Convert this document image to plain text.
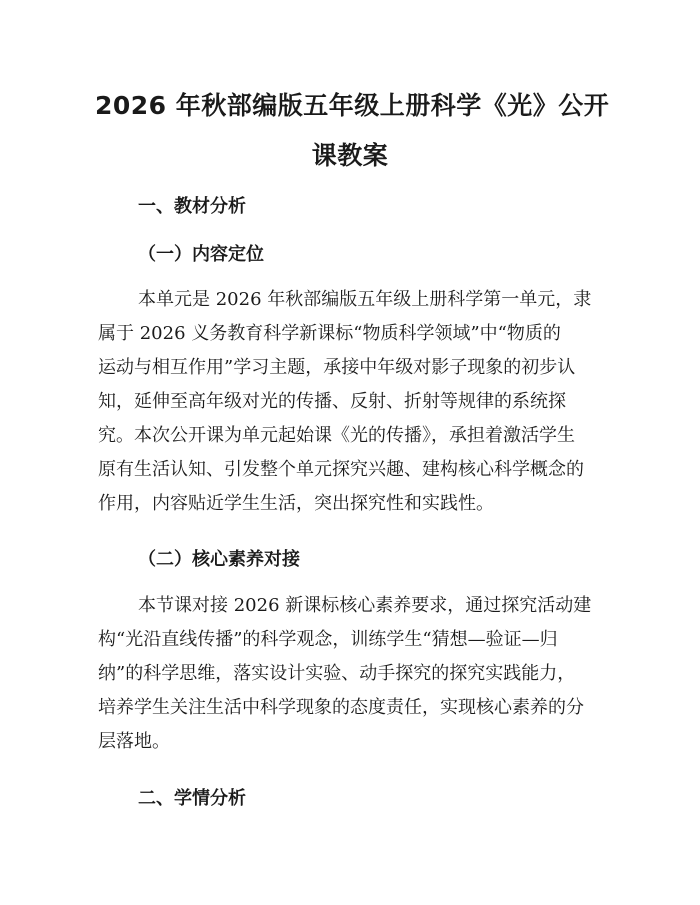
2026 年秋部编版五年级上册科学《光》公开
课教案
一、教材分析
（一）内容定位
本单元是 2026 年秋部编版五年级上册科学第一单元，隶
属于 2026 义务教育科学新课标“物质科学领域”中“物质的
运动与相互作用”学习主题，承接中年级对影子现象的初步认
知，延伸至高年级对光的传播、反射、折射等规律的系统探
究。本次公开课为单元起始课《光的传播》，承担着激活学生
原有生活认知、引发整个单元探究兴趣、建构核心科学概念的
作用，内容贴近学生生活，突出探究性和实践性。
（二）核心素养对接
本节课对接 2026 新课标核心素养要求，通过探究活动建
构“光沿直线传播”的科学观念，训练学生“猜想—验证—归
纳”的科学思维，落实设计实验、动手探究的探究实践能力，
培养学生关注生活中科学现象的态度责任，实现核心素养的分
层落地。
二、学情分析
